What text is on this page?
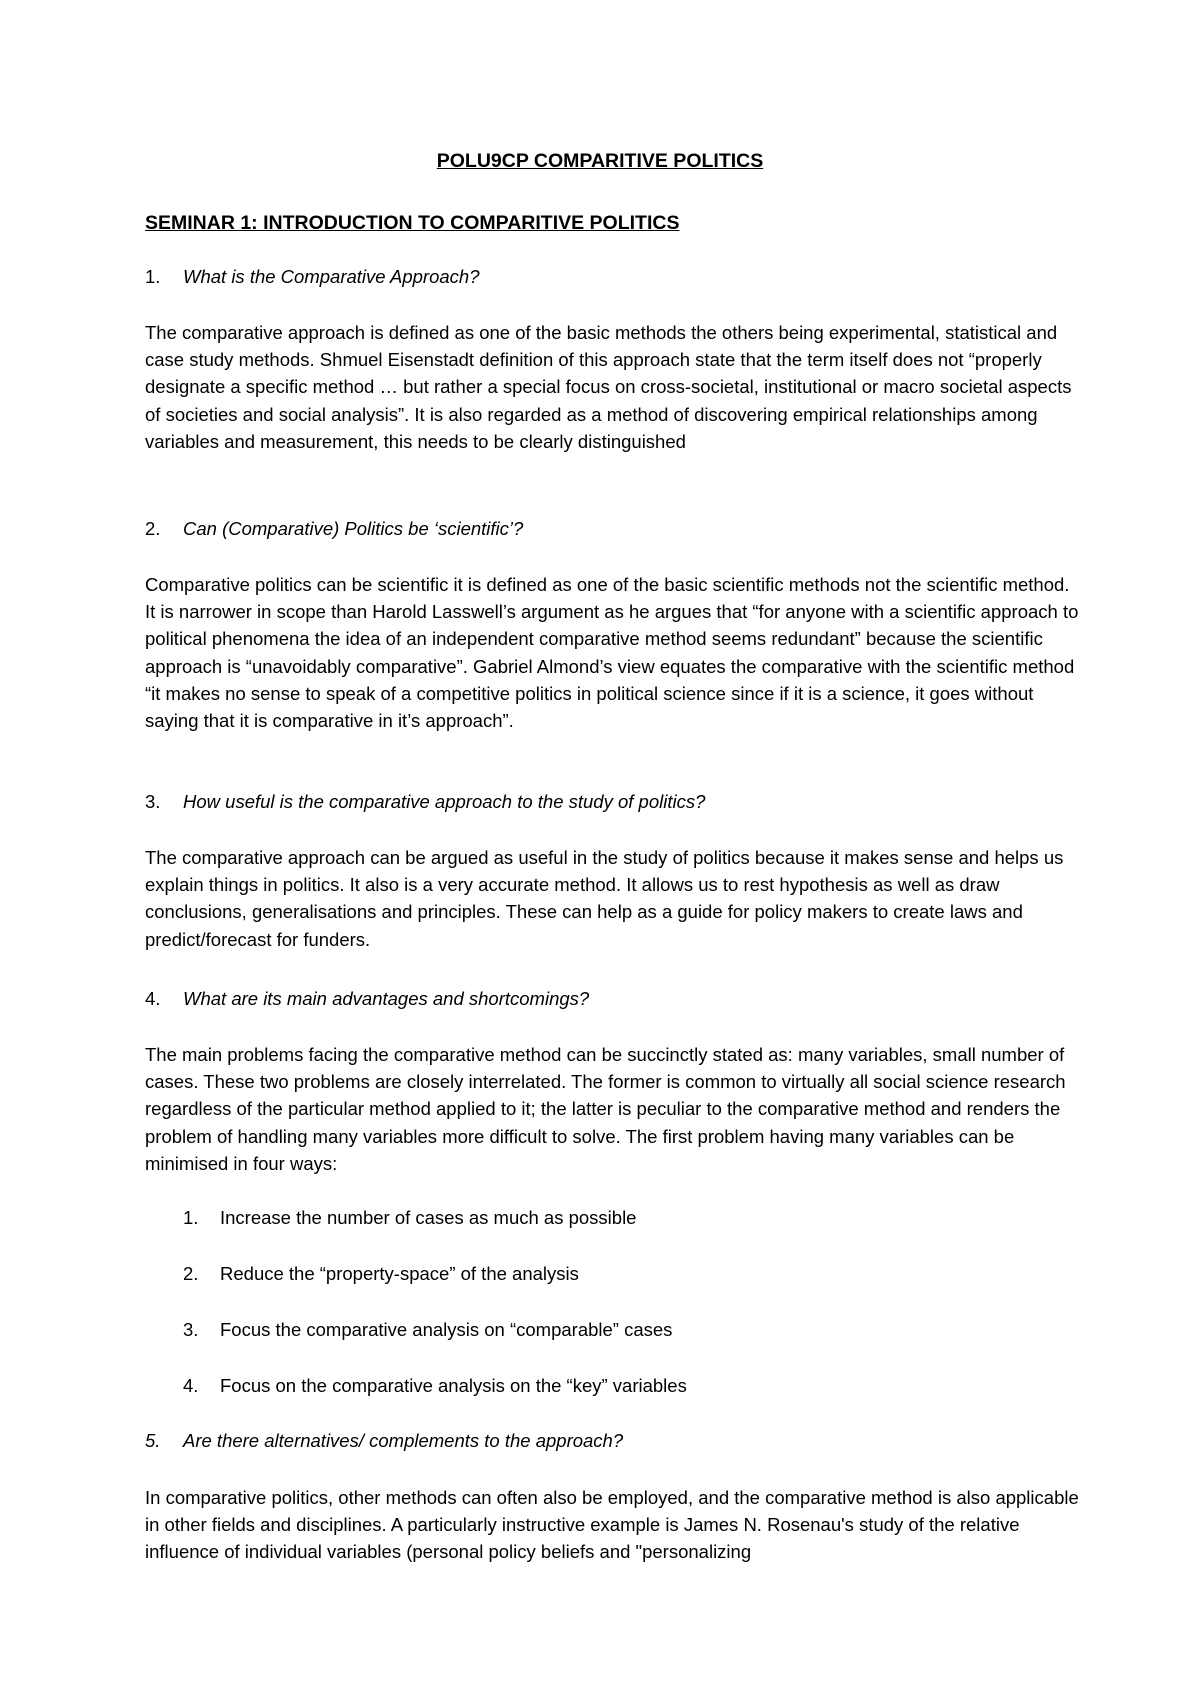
POLU9CP COMPARITIVE POLITICS
SEMINAR 1: INTRODUCTION TO COMPARITIVE POLITICS
1. What is the Comparative Approach?
The comparative approach is defined as one of the basic methods the others being experimental, statistical and case study methods. Shmuel Eisenstadt definition of this approach state that the term itself does not “properly designate a specific method … but rather a special focus on cross-societal, institutional or macro societal aspects of societies and social analysis”. It is also regarded as a method of discovering empirical relationships among variables and measurement, this needs to be clearly distinguished
2. Can (Comparative) Politics be ‘scientific’?
Comparative politics can be scientific it is defined as one of the basic scientific methods not the scientific method. It is narrower in scope than Harold Lasswell’s argument as he argues that “for anyone with a scientific approach to political phenomena the idea of an independent comparative method seems redundant” because the scientific approach is “unavoidably comparative”. Gabriel Almond’s view equates the comparative with the scientific method “it makes no sense to speak of a competitive politics in political science since if it is a science, it goes without saying that it is comparative in it’s approach”.
3. How useful is the comparative approach to the study of politics?
The comparative approach can be argued as useful in the study of politics because it makes sense and helps us explain things in politics. It also is a very accurate method. It allows us to rest hypothesis as well as draw conclusions, generalisations and principles. These can help as a guide for policy makers to create laws and predict/forecast for funders.
4. What are its main advantages and shortcomings?
The main problems facing the comparative method can be succinctly stated as: many variables, small number of cases. These two problems are closely interrelated. The former is common to virtually all social science research regardless of the particular method applied to it; the latter is peculiar to the comparative method and renders the problem of handling many variables more difficult to solve. The first problem having many variables can be minimised in four ways:
1. Increase the number of cases as much as possible
2. Reduce the “property-space” of the analysis
3. Focus the comparative analysis on “comparable” cases
4. Focus on the comparative analysis on the “key” variables
5. Are there alternatives/ complements to the approach?
In comparative politics, other methods can often also be employed, and the comparative method is also applicable in other fields and disciplines. A particularly instructive example is James N. Rosenau's study of the relative influence of individual variables (personal policy beliefs and "personalizing
